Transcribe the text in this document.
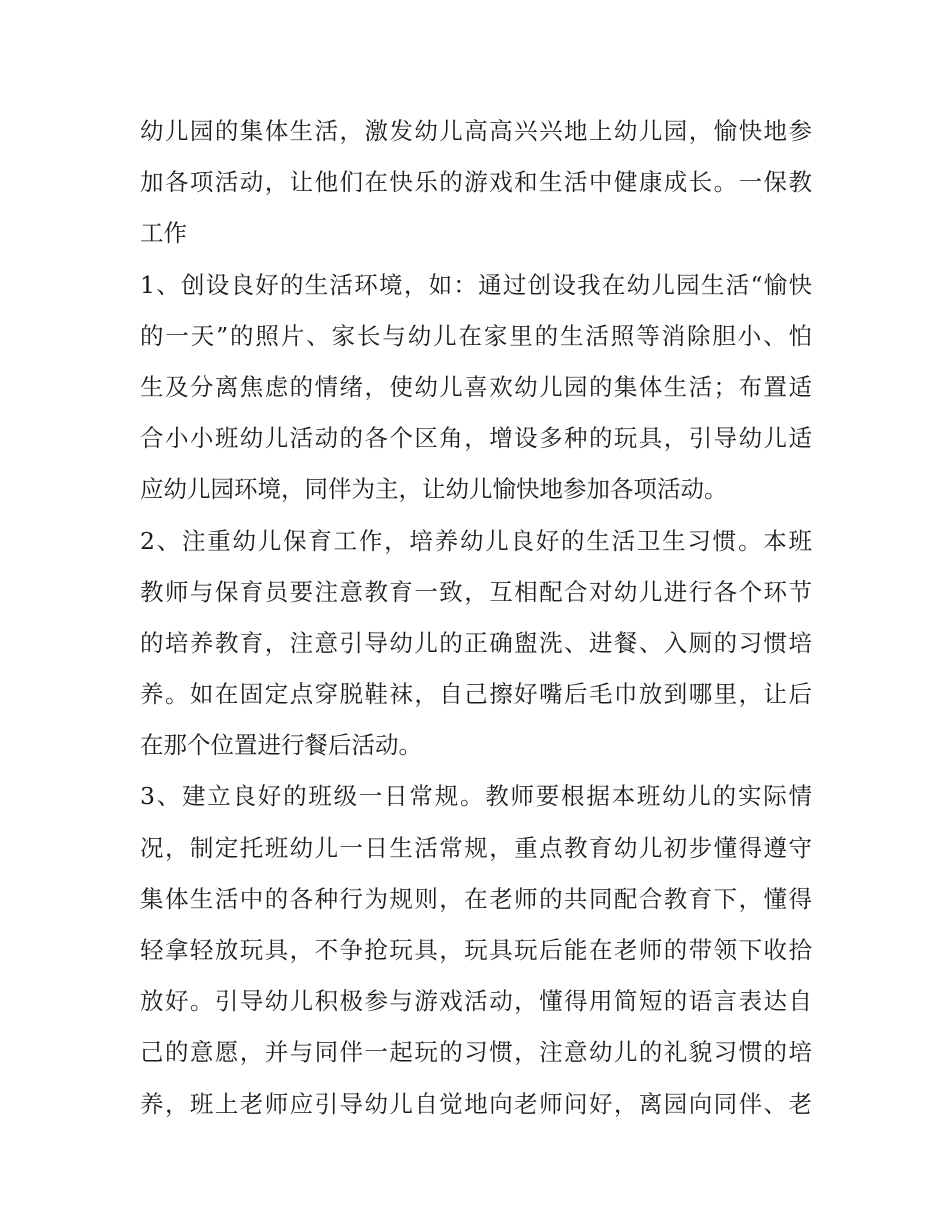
幼儿园的集体生活，激发幼儿高高兴兴地上幼儿园，愉快地参
加各项活动，让他们在快乐的游戏和生活中健康成长。一保教
工作
1、创设良好的生活环境，如：通过创设我在幼儿园生活“愉快
的一天”的照片、家长与幼儿在家里的生活照等消除胆小、怕
生及分离焦虑的情绪，使幼儿喜欢幼儿园的集体生活；布置适
合小小班幼儿活动的各个区角，增设多种的玩具，引导幼儿适
应幼儿园环境，同伴为主，让幼儿愉快地参加各项活动。
2、注重幼儿保育工作，培养幼儿良好的生活卫生习惯。本班
教师与保育员要注意教育一致，互相配合对幼儿进行各个环节
的培养教育，注意引导幼儿的正确盥洗、进餐、入厕的习惯培
养。如在固定点穿脱鞋袜，自己擦好嘴后毛巾放到哪里，让后
在那个位置进行餐后活动。
3、建立良好的班级一日常规。教师要根据本班幼儿的实际情
况，制定托班幼儿一日生活常规，重点教育幼儿初步懂得遵守
集体生活中的各种行为规则，在老师的共同配合教育下，懂得
轻拿轻放玩具，不争抢玩具，玩具玩后能在老师的带领下收拾
放好。引导幼儿积极参与游戏活动，懂得用简短的语言表达自
己的意愿，并与同伴一起玩的习惯，注意幼儿的礼貌习惯的培
养，班上老师应引导幼儿自觉地向老师问好，离园向同伴、老
